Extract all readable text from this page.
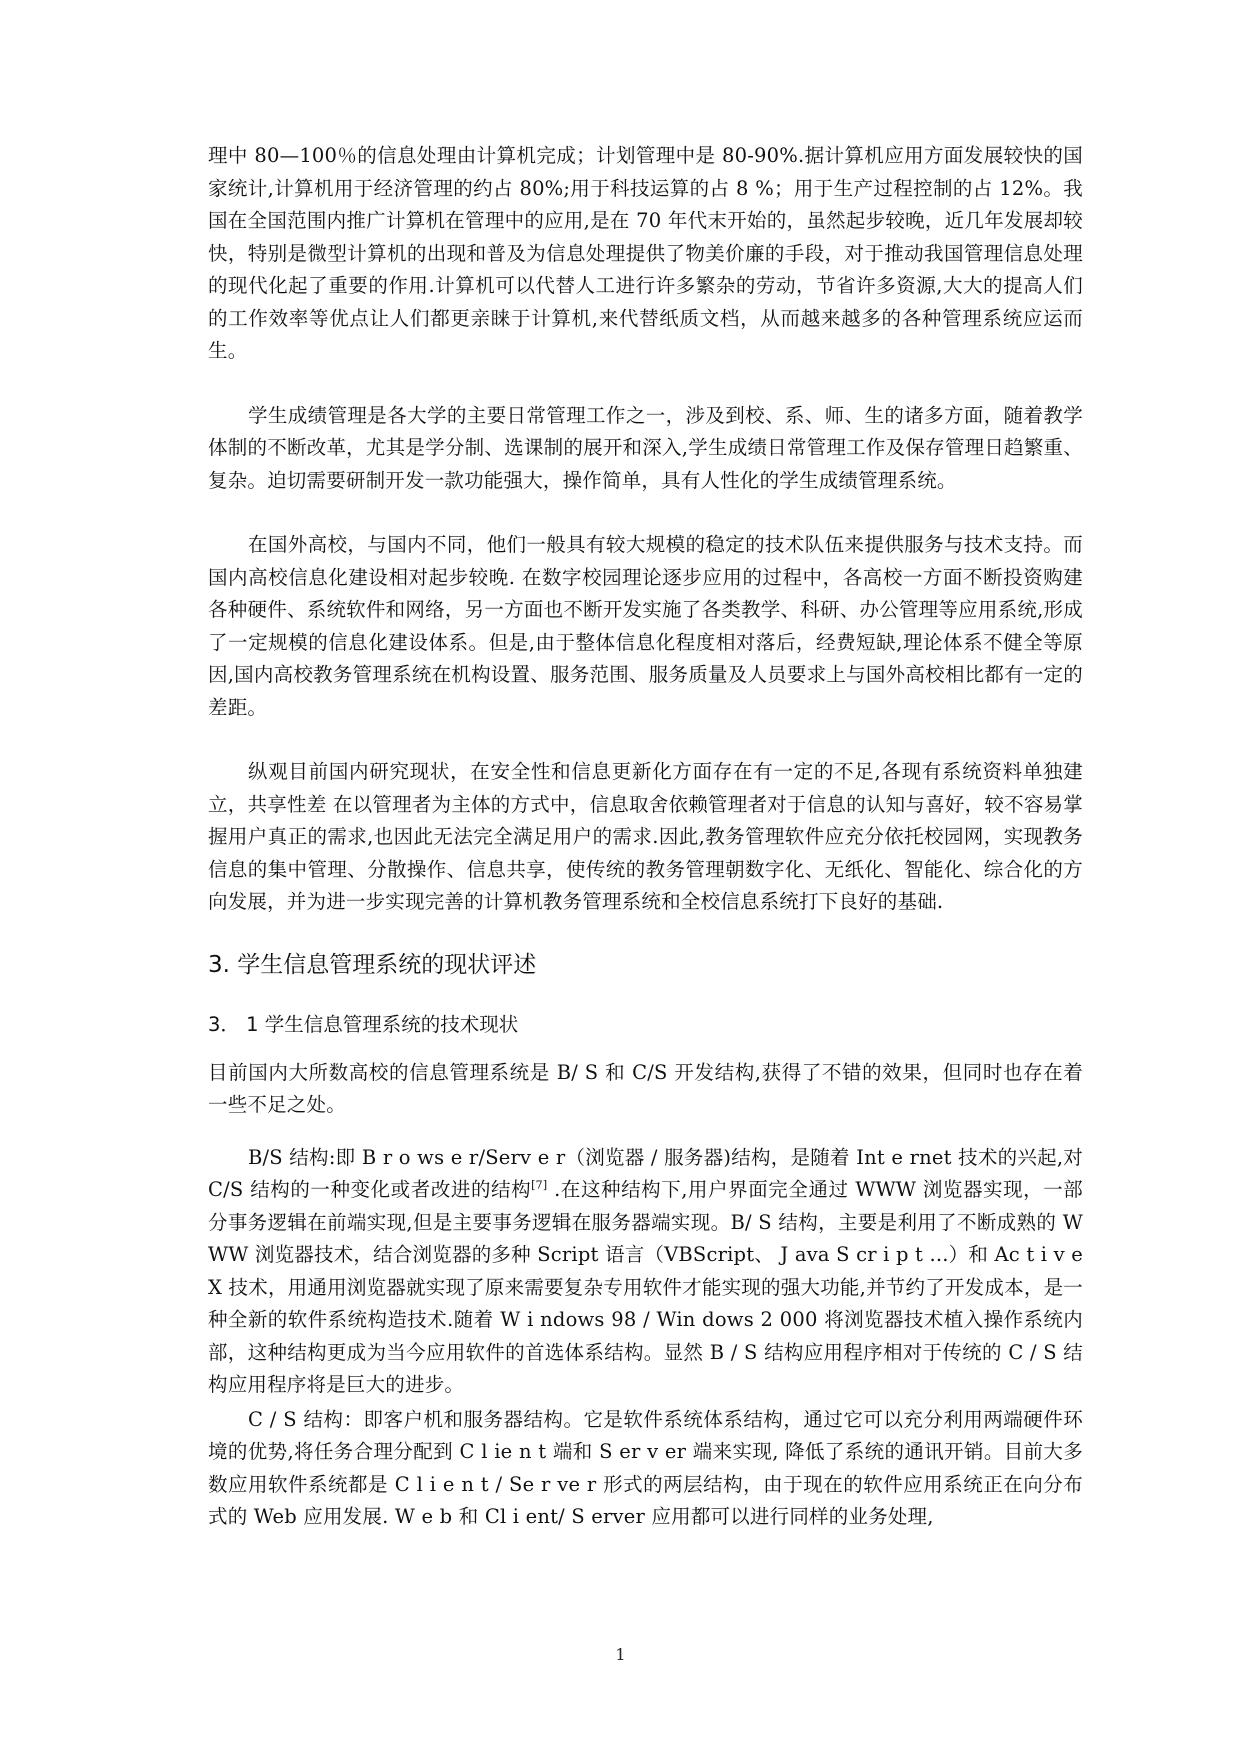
理中 80—100％的信息处理由计算机完成；计划管理中是 80-90%.据计算机应用方面发展较快的国家统计,计算机用于经济管理的约占 80%;用于科技运算的占 8 %；用于生产过程控制的占 12%。我国在全国范围内推广计算机在管理中的应用,是在 70 年代末开始的，虽然起步较晚，近几年发展却较快，特别是微型计算机的出现和普及为信息处理提供了物美价廉的手段，对于推动我国管理信息处理的现代化起了重要的作用.计算机可以代替人工进行许多繁杂的劳动，节省许多资源,大大的提高人们的工作效率等优点让人们都更亲睐于计算机,来代替纸质文档，从而越来越多的各种管理系统应运而生。

学生成绩管理是各大学的主要日常管理工作之一，涉及到校、系、师、生的诸多方面，随着教学体制的不断改革，尤其是学分制、选课制的展开和深入,学生成绩日常管理工作及保存管理日趋繁重、复杂。迫切需要研制开发一款功能强大，操作简单，具有人性化的学生成绩管理系统。

在国外高校，与国内不同，他们一般具有较大规模的稳定的技术队伍来提供服务与技术支持。而国内高校信息化建设相对起步较晚. 在数字校园理论逐步应用的过程中，各高校一方面不断投资购建各种硬件、系统软件和网络，另一方面也不断开发实施了各类教学、科研、办公管理等应用系统,形成了一定规模的信息化建设体系。但是,由于整体信息化程度相对落后，经费短缺,理论体系不健全等原因,国内高校教务管理系统在机构设置、服务范围、服务质量及人员要求上与国外高校相比都有一定的差距。

纵观目前国内研究现状，在安全性和信息更新化方面存在有一定的不足,各现有系统资料单独建立，共享性差 在以管理者为主体的方式中，信息取舍依赖管理者对于信息的认知与喜好，较不容易掌握用户真正的需求,也因此无法完全满足用户的需求.因此,教务管理软件应充分依托校园网，实现教务信息的集中管理、分散操作、信息共享，使传统的教务管理朝数字化、无纸化、智能化、综合化的方向发展，并为进一步实现完善的计算机教务管理系统和全校信息系统打下良好的基础.

3. 学生信息管理系统的现状评述
3． 1 学生信息管理系统的技术现状

目前国内大所数高校的信息管理系统是 B/ S 和 C/S 开发结构,获得了不错的效果，但同时也存在着一些不足之处。

B/S 结构:即 B r o ws e r/Serv e r（浏览器 / 服务器)结构，是随着 Int e rnet 技术的兴起,对 C/S 结构的一种变化或者改进的结构[7] .在这种结构下,用户界面完全通过 WWW 浏览器实现，一部分事务逻辑在前端实现,但是主要事务逻辑在服务器端实现。B/ S 结构，主要是利用了不断成熟的 WWW 浏览器技术，结合浏览器的多种 Script 语言（VBScript、 J ava S cr i p t ...）和 Ac t i v e X 技术，用通用浏览器就实现了原来需要复杂专用软件才能实现的强大功能,并节约了开发成本，是一种全新的软件系统构造技术.随着 W i ndows 98 / Win dows 2 000 将浏览器技术植入操作系统内部，这种结构更成为当今应用软件的首选体系结构。显然 B / S 结构应用程序相对于传统的 C / S 结构应用程序将是巨大的进步。

C / S 结构：即客户机和服务器结构。它是软件系统体系结构，通过它可以充分利用两端硬件环境的优势,将任务合理分配到 C l ie n t 端和 S er v er 端来实现, 降低了系统的通讯开销。目前大多数应用软件系统都是 C l i e n t / Se r ve r 形式的两层结构，由于现在的软件应用系统正在向分布式的 Web 应用发展. W e b 和 Cl i ent/ S erver 应用都可以进行同样的业务处理,

1
